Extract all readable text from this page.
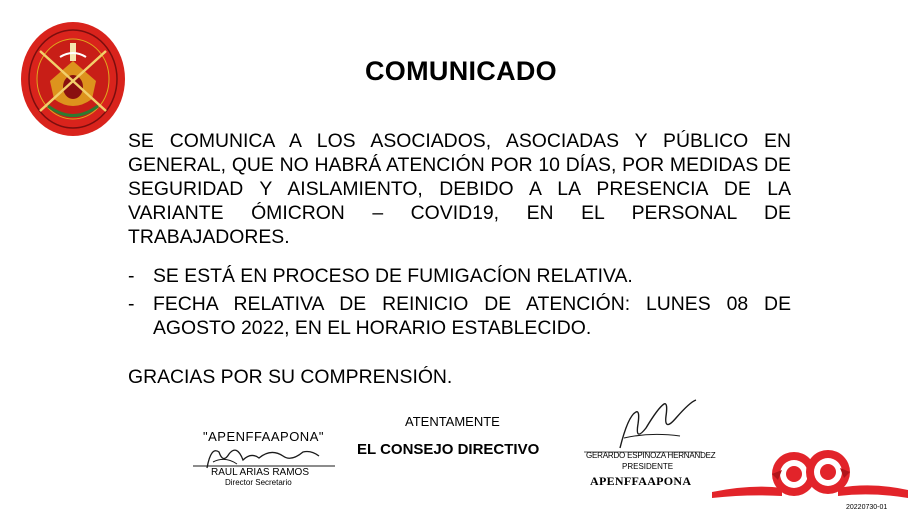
COMUNICADO

SE COMUNICA A LOS ASOCIADOS, ASOCIADAS Y PÚBLICO EN GENERAL, QUE NO HABRÁ ATENCIÓN POR 10 DÍAS, POR MEDIDAS DE SEGURIDAD Y AISLAMIENTO, DEBIDO A LA PRESENCIA DE LA VARIANTE ÓMICRON – COVID19, EN EL PERSONAL DE TRABAJADORES.

- SE ESTÁ EN PROCESO DE FUMIGACÍON RELATIVA.
- FECHA RELATIVA DE REINICIO DE ATENCIÓN: LUNES 08 DE AGOSTO 2022, EN EL HORARIO ESTABLECIDO.
GRACIAS POR SU COMPRENSIÓN.
ATENTAMENTE
EL CONSEJO DIRECTIVO
"APENFFAAPONA"
RAUL ARIAS RAMOS
Director Secretario
GERARDO ESPINOZA HERNANDEZ
PRESIDENTE
APENFFAAPONA
20220730-01
